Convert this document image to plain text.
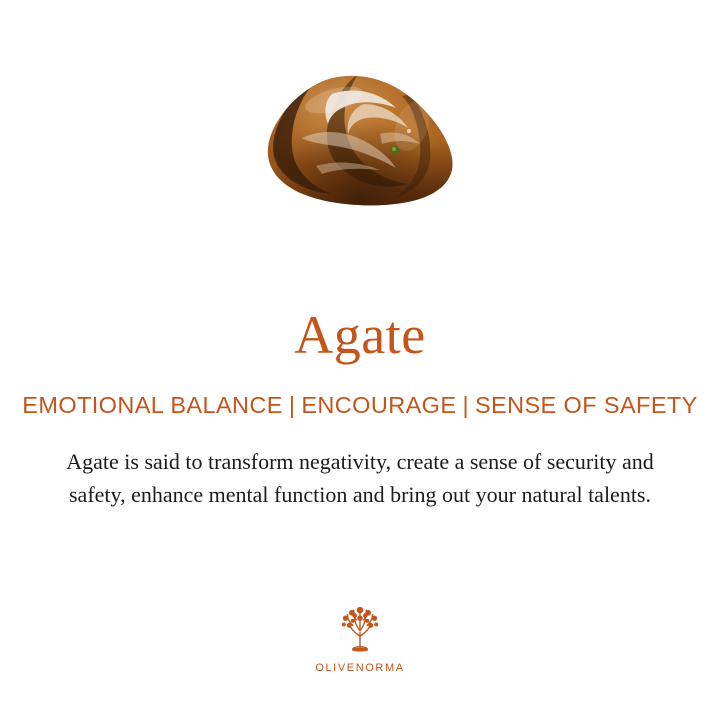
Agate
EMOTIONAL BALANCE | ENCOURAGE | SENSE OF SAFETY
Agate is said to transform negativity, create a sense of security and safety, enhance mental function and bring out your natural talents.
OLIVENORMA
